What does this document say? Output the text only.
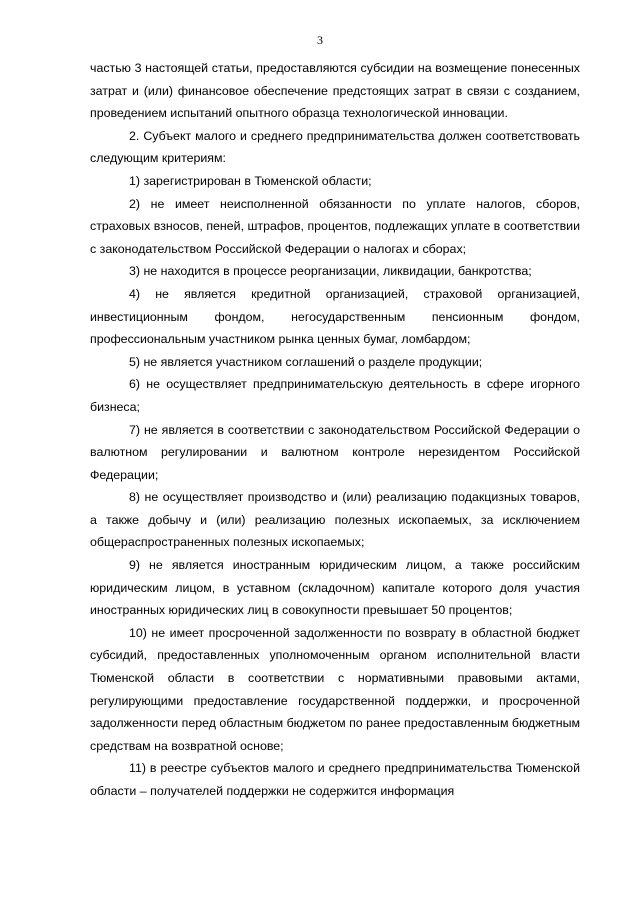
3

частью 3 настоящей статьи, предоставляются субсидии на возмещение понесенных затрат и (или) финансовое обеспечение предстоящих затрат в связи с созданием, проведением испытаний опытного образца технологической инновации.

2. Субъект малого и среднего предпринимательства должен соответствовать следующим критериям:

1) зарегистрирован в Тюменской области;

2) не имеет неисполненной обязанности по уплате налогов, сборов, страховых взносов, пеней, штрафов, процентов, подлежащих уплате в соответствии с законодательством Российской Федерации о налогах и сборах;

3) не находится в процессе реорганизации, ликвидации, банкротства;

4) не является кредитной организацией, страховой организацией, инвестиционным фондом, негосударственным пенсионным фондом, профессиональным участником рынка ценных бумаг, ломбардом;

5) не является участником соглашений о разделе продукции;

6) не осуществляет предпринимательскую деятельность в сфере игорного бизнеса;

7) не является в соответствии с законодательством Российской Федерации о валютном регулировании и валютном контроле нерезидентом Российской Федерации;

8) не осуществляет производство и (или) реализацию подакцизных товаров, а также добычу и (или) реализацию полезных ископаемых, за исключением общераспространенных полезных ископаемых;

9) не является иностранным юридическим лицом, а также российским юридическим лицом, в уставном (складочном) капитале которого доля участия иностранных юридических лиц в совокупности превышает 50 процентов;

10) не имеет просроченной задолженности по возврату в областной бюджет субсидий, предоставленных уполномоченным органом исполнительной власти Тюменской области в соответствии с нормативными правовыми актами, регулирующими предоставление государственной поддержки, и просроченной задолженности перед областным бюджетом по ранее предоставленным бюджетным средствам на возвратной основе;

11) в реестре субъектов малого и среднего предпринимательства Тюменской области – получателей поддержки не содержится информация
